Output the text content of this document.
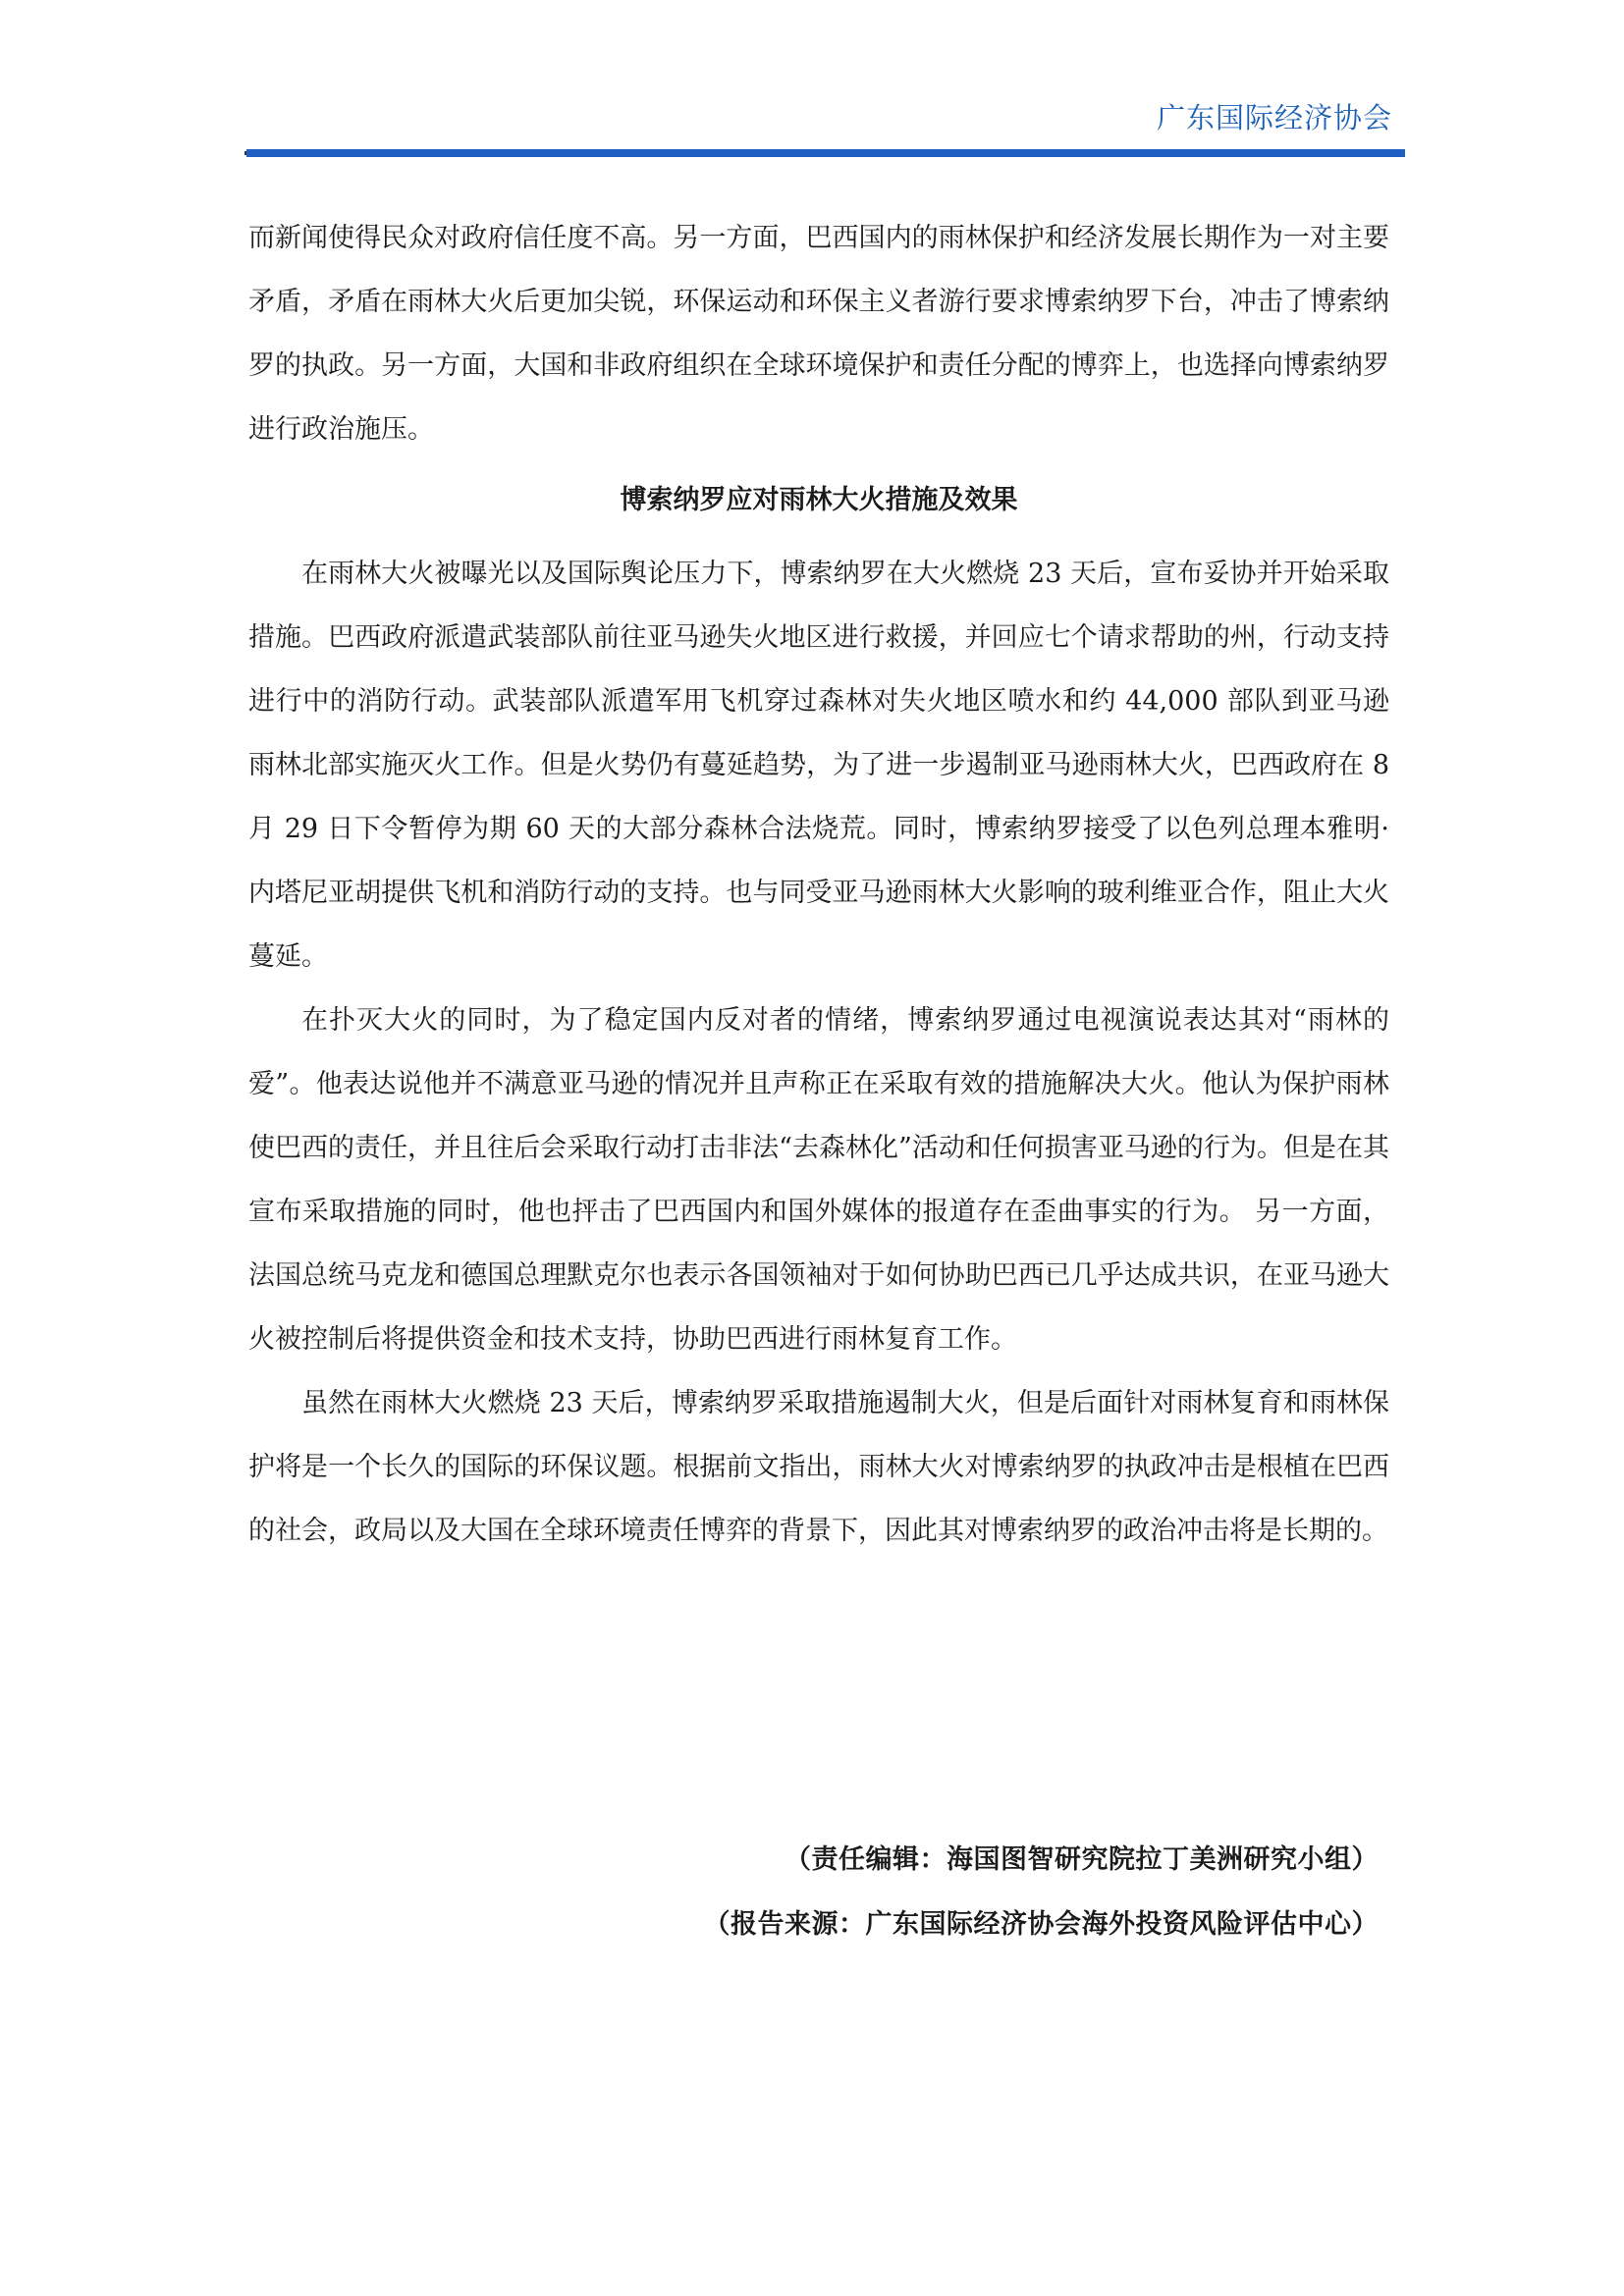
广东国际经济协会

而新闻使得民众对政府信任度不高。另一方面，巴西国内的雨林保护和经济发展长期作为一对主要矛盾，矛盾在雨林大火后更加尖锐，环保运动和环保主义者游行要求博索纳罗下台，冲击了博索纳罗的执政。另一方面，大国和非政府组织在全球环境保护和责任分配的博弈上，也选择向博索纳罗进行政治施压。

博索纳罗应对雨林大火措施及效果

在雨林大火被曝光以及国际舆论压力下，博索纳罗在大火燃烧 23 天后，宣布妥协并开始采取措施。巴西政府派遣武装部队前往亚马逊失火地区进行救援，并回应七个请求帮助的州，行动支持进行中的消防行动。武装部队派遣军用飞机穿过森林对失火地区喷水和约 44,000 部队到亚马逊雨林北部实施灭火工作。但是火势仍有蔓延趋势，为了进一步遏制亚马逊雨林大火，巴西政府在 8 月 29 日下令暂停为期 60 天的大部分森林合法烧荒。同时，博索纳罗接受了以色列总理本雅明·内塔尼亚胡提供飞机和消防行动的支持。也与同受亚马逊雨林大火影响的玻利维亚合作，阻止大火蔓延。

在扑灭大火的同时，为了稳定国内反对者的情绪，博索纳罗通过电视演说表达其对“雨林的爱”。他表达说他并不满意亚马逊的情况并且声称正在采取有效的措施解决大火。他认为保护雨林使巴西的责任，并且往后会采取行动打击非法“去森林化”活动和任何损害亚马逊的行为。但是在其宣布采取措施的同时，他也抨击了巴西国内和国外媒体的报道存在歪曲事实的行为。 另一方面，法国总统马克龙和德国总理默克尔也表示各国领袖对于如何协助巴西已几乎达成共识，在亚马逊大火被控制后将提供资金和技术支持，协助巴西进行雨林复育工作。

虽然在雨林大火燃烧 23 天后，博索纳罗采取措施遏制大火，但是后面针对雨林复育和雨林保护将是一个长久的国际的环保议题。根据前文指出，雨林大火对博索纳罗的执政冲击是根植在巴西的社会，政局以及大国在全球环境责任博弈的背景下，因此其对博索纳罗的政治冲击将是长期的。

（责任编辑：海国图智研究院拉丁美洲研究小组）
（报告来源：广东国际经济协会海外投资风险评估中心）
